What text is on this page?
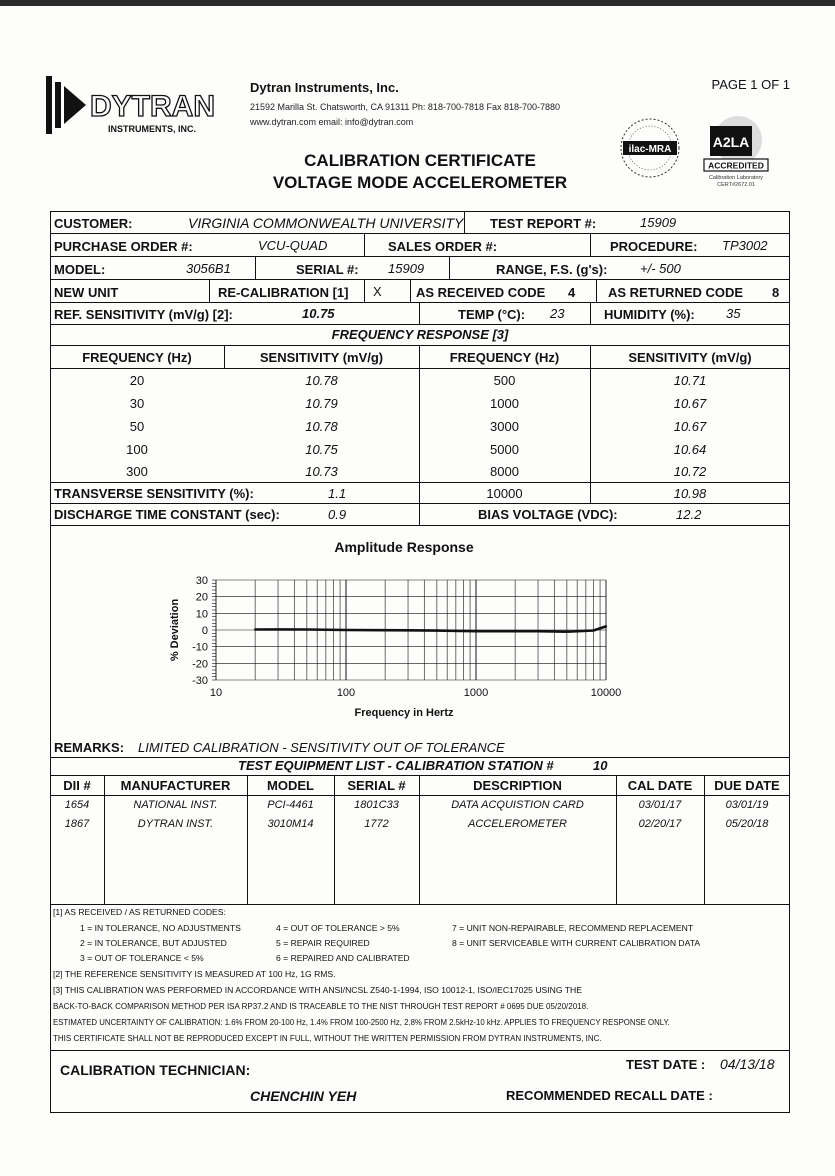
DYTRAN
INSTRUMENTS, INC.
Dytran Instruments, Inc.
21592 Marilla St. Chatsworth, CA 91311 Ph: 818-700-7818 Fax 818-700-7880
www.dytran.com email: info@dytran.com
PAGE 1 OF 1
CALIBRATION CERTIFICATE
VOLTAGE MODE ACCELEROMETER
ilac-MRA	A2LA
ACCREDITED
Calibration Laboratory
CERT#2672.01
CUSTOMER:	VIRGINIA COMMONWEALTH UNIVERSITY TEST REPORT #:	15909
PURCHASE ORDER #:	VCU-QUAD	SALES ORDER #:	PROCEDURE: TP3002
MODEL:	3056B1	SERIAL #: 15909	RANGE, F.S. (g's):	+/- 500
NEW UNIT	RE-CALIBRATION [1] X	AS RECEIVED CODE 4	AS RETURNED CODE 8
REF. SENSITIVITY (mV/g) [2]:	10.75	TEMP (°C): 23	HUMIDITY (%): 35
FREQUENCY RESPONSE [3]
FREQUENCY (Hz)	SENSITIVITY (mV/g)	FREQUENCY (Hz)	SENSITIVITY (mV/g)
20	10.78	500	10.71
30	10.79	1000	10.67
50	10.78	3000	10.67
100	10.75	5000	10.64
300	10.73	8000	10.72
TRANSVERSE SENSITIVITY (%):	1.1	10000	10.98
DISCHARGE TIME CONSTANT (sec):	0.9	BIAS VOLTAGE (VDC):	12.2
30
20
10
0
-10
-20
-30
10	100	1000	10000
Amplitude Response
Frequency in Hertz
% Deviation
REMARKS: LIMITED CALIBRATION - SENSITIVITY OUT OF TOLERANCE
TEST EQUIPMENT LIST - CALIBRATION STATION #	10
DII #	MANUFACTURER	MODEL	SERIAL #	DESCRIPTION	CAL DATE	DUE DATE
1654	NATIONAL INST.	PCI-4461	1801C33	DATA ACQUISTION CARD	03/01/17	03/01/19
1867	DYTRAN INST.	3010M14	1772	ACCELEROMETER	02/20/17	05/20/18
[1] AS RECEIVED / AS RETURNED CODES:
1 = IN TOLERANCE, NO ADJUSTMENTS
2 = IN TOLERANCE, BUT ADJUSTED
3 = OUT OF TOLERANCE < 5%
4 = OUT OF TOLERANCE > 5%
5 = REPAIR REQUIRED
6 = REPAIRED AND CALIBRATED
7 = UNIT NON-REPAIRABLE, RECOMMEND REPLACEMENT
8 = UNIT SERVICEABLE WITH CURRENT CALIBRATION DATA
[2] THE REFERENCE SENSITIVITY IS MEASURED AT 100 Hz, 1G RMS.
[3] THIS CALIBRATION WAS PERFORMED IN ACCORDANCE WITH ANSI/NCSL Z540-1-1994, ISO 10012-1, ISO/IEC17025 USING THE
BACK-TO-BACK COMPARISON METHOD PER ISA RP37.2 AND IS TRACEABLE TO THE NIST THROUGH TEST REPORT # 0695 DUE 05/20/2018.
ESTIMATED UNCERTAINTY OF CALIBRATION: 1.6% FROM 20-100 Hz, 1.4% FROM 100-2500 Hz, 2.8% FROM 2.5kHz-10 kHz. APPLIES TO FREQUENCY RESPONSE ONLY.
THIS CERTIFICATE SHALL NOT BE REPRODUCED EXCEPT IN FULL, WITHOUT THE WRITTEN PERMISSION FROM DYTRAN INSTRUMENTS, INC.
CALIBRATION TECHNICIAN:
CHENCHIN YEH
TEST DATE : 04/13/18
RECOMMENDED RECALL DATE :
